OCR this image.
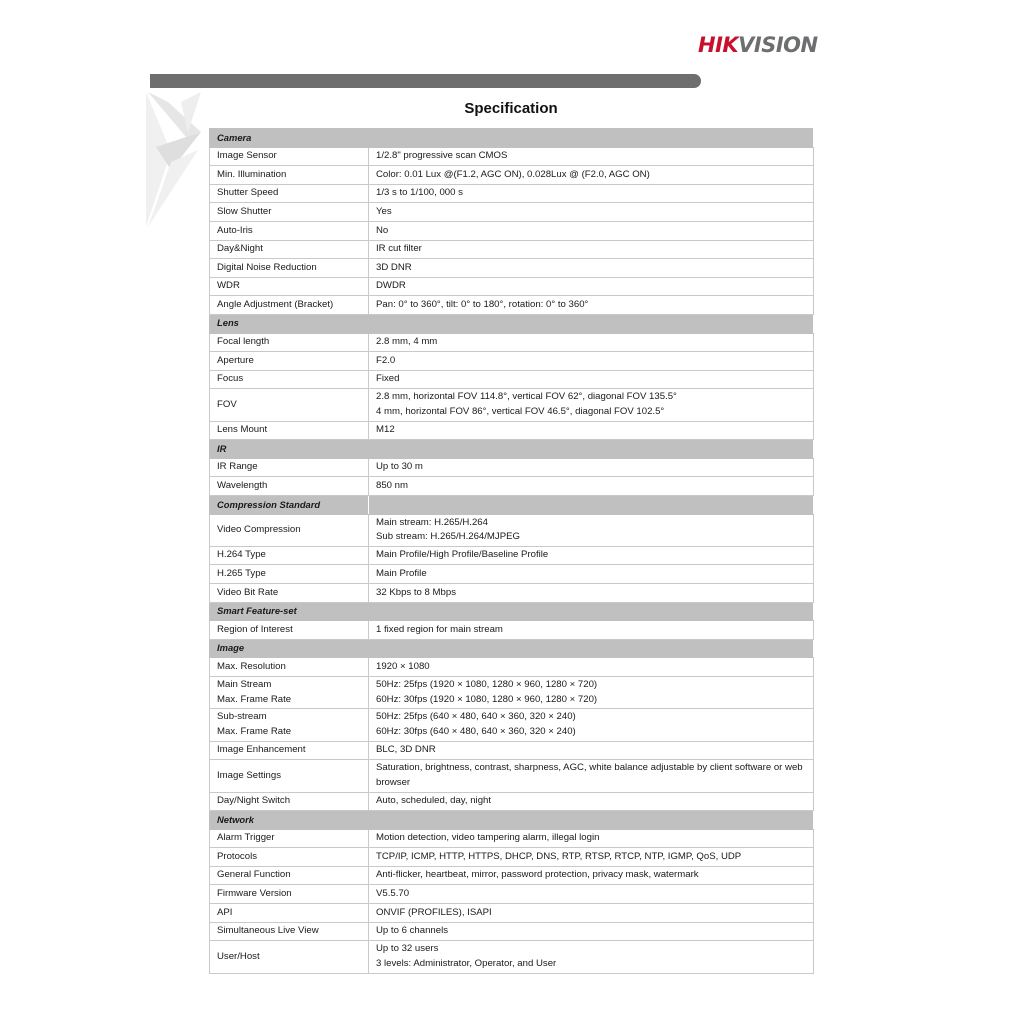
HIKVISION
Specification
Camera	

Image Sensor	1/2.8" progressive scan CMOS

Min. Illumination	Color: 0.01 Lux @(F1.2, AGC ON), 0.028Lux @ (F2.0, AGC ON)

Shutter Speed	1/3 s to 1/100, 000 s

Slow Shutter	Yes

Auto-Iris	No

Day&Night	IR cut filter

Digital Noise Reduction	3D DNR

WDR	DWDR

Angle Adjustment (Bracket)	Pan: 0° to 360°, tilt: 0° to 180°, rotation: 0° to 360°

Lens	

Focal length	2.8 mm, 4 mm

Aperture	F2.0

Focus	Fixed

FOV	2.8 mm, horizontal FOV 114.8°, vertical FOV 62°, diagonal FOV 135.5°
4 mm, horizontal FOV 86°, vertical FOV 46.5°, diagonal FOV 102.5°

Lens Mount	M12

IR	

IR Range	Up to 30 m

Wavelength	850 nm

Compression Standard	

Video Compression	Main stream: H.265/H.264
Sub stream: H.265/H.264/MJPEG

H.264 Type	Main Profile/High Profile/Baseline Profile

H.265 Type	Main Profile

Video Bit Rate	32 Kbps to 8 Mbps

Smart Feature-set	

Region of Interest	1 fixed region for main stream

Image	

Max. Resolution	1920 × 1080

Main Stream
Max. Frame Rate	50Hz: 25fps (1920 × 1080, 1280 × 960, 1280 × 720)
60Hz: 30fps (1920 × 1080, 1280 × 960, 1280 × 720)

Sub-stream
Max. Frame Rate	50Hz: 25fps (640 × 480, 640 × 360, 320 × 240)
60Hz: 30fps (640 × 480, 640 × 360, 320 × 240)

Image Enhancement	BLC, 3D DNR

Image Settings	Saturation, brightness, contrast, sharpness, AGC, white balance adjustable by client software or web browser

Day/Night Switch	Auto, scheduled, day, night

Network	

Alarm Trigger	Motion detection, video tampering alarm, illegal login

Protocols	TCP/IP, ICMP, HTTP, HTTPS, DHCP, DNS, RTP, RTSP, RTCP, NTP, IGMP, QoS, UDP

General Function	Anti-flicker, heartbeat, mirror, password protection, privacy mask, watermark

Firmware Version	V5.5.70

API	ONVIF (PROFILES), ISAPI

Simultaneous Live View	Up to 6 channels

User/Host	Up to 32 users
3 levels: Administrator, Operator, and User
